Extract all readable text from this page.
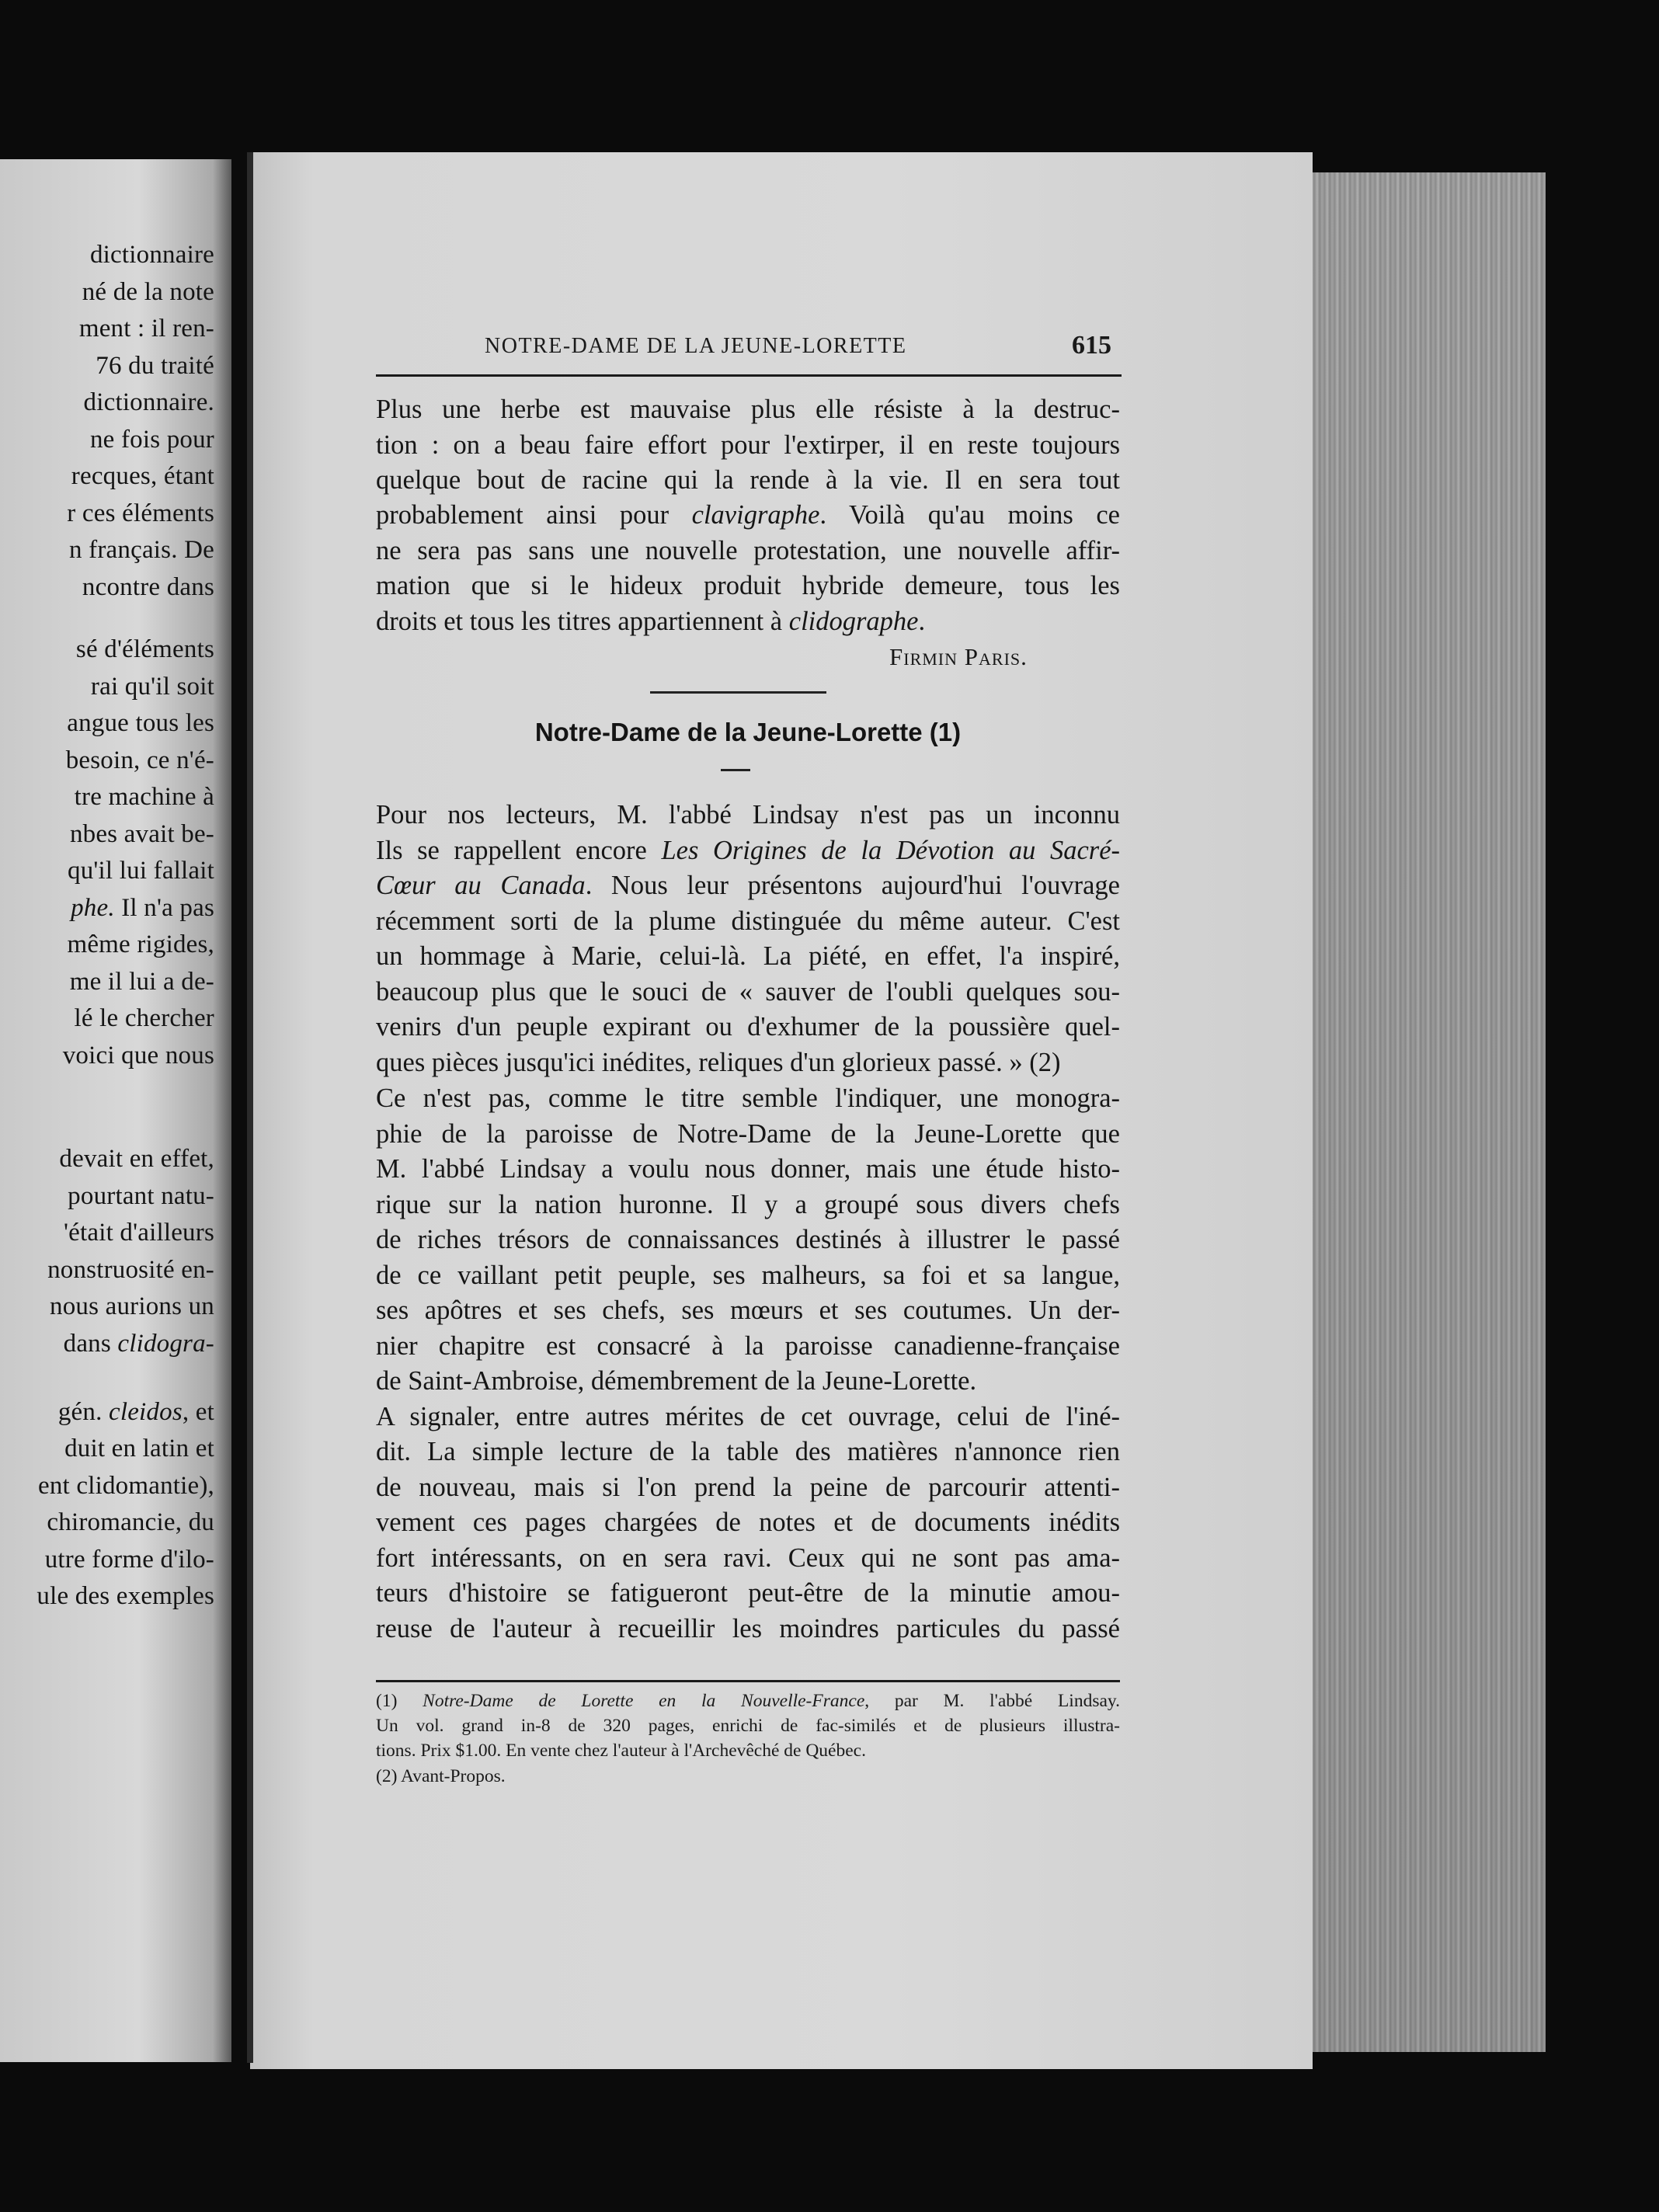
dictionnaire
né de la note
ment : il ren-
76 du traité
dictionnaire.
ne fois pour
recques, étant
r ces éléments
n français. De
ncontre dans
sé d'éléments
rai qu'il soit
angue tous les
besoin, ce n'é-
tre machine à
nbes avait be-
qu'il lui fallait
phe. Il n'a pas
même rigides,
me il lui a de-
lé le chercher
voici que nous
devait en effet,
pourtant natu-
'était d'ailleurs
nonstruosité en-
nous aurions un
dans clidogra-
gén. cleidos, et
duit en latin et
ent clidomantie),
chiromancie, du
utre forme d'ilo-
ule des exemples
NOTRE-DAME DE LA JEUNE-LORETTE	615
Plus une herbe est mauvaise plus elle résiste à la destruc-
tion : on a beau faire effort pour l'extirper, il en reste toujours
quelque bout de racine qui la rende à la vie. Il en sera tout
probablement ainsi pour clavigraphe. Voilà qu'au moins ce
ne sera pas sans une nouvelle protestation, une nouvelle affir-
mation que si le hideux produit hybride demeure, tous les
droits et tous les titres appartiennent à clidographe.
Firmin Paris.
Notre-Dame de la Jeune-Lorette (1)
Pour nos lecteurs, M. l'abbé Lindsay n'est pas un inconnu
Ils se rappellent encore Les Origines de la Dévotion au Sacré-
Cœur au Canada. Nous leur présentons aujourd'hui l'ouvrage
récemment sorti de la plume distinguée du même auteur. C'est
un hommage à Marie, celui-là. La piété, en effet, l'a inspiré,
beaucoup plus que le souci de « sauver de l'oubli quelques sou-
venirs d'un peuple expirant ou d'exhumer de la poussière quel-
ques pièces jusqu'ici inédites, reliques d'un glorieux passé. » (2)
Ce n'est pas, comme le titre semble l'indiquer, une monogra-
phie de la paroisse de Notre-Dame de la Jeune-Lorette que
M. l'abbé Lindsay a voulu nous donner, mais une étude histo-
rique sur la nation huronne. Il y a groupé sous divers chefs
de riches trésors de connaissances destinés à illustrer le passé
de ce vaillant petit peuple, ses malheurs, sa foi et sa langue,
ses apôtres et ses chefs, ses mœurs et ses coutumes. Un der-
nier chapitre est consacré à la paroisse canadienne-française
de Saint-Ambroise, démembrement de la Jeune-Lorette.
A signaler, entre autres mérites de cet ouvrage, celui de l'iné-
dit. La simple lecture de la table des matières n'annonce rien
de nouveau, mais si l'on prend la peine de parcourir attenti-
vement ces pages chargées de notes et de documents inédits
fort intéressants, on en sera ravi. Ceux qui ne sont pas ama-
teurs d'histoire se fatigueront peut-être de la minutie amou-
reuse de l'auteur à recueillir les moindres particules du passé
(1) Notre-Dame de Lorette en la Nouvelle-France, par M. l'abbé Lindsay.
Un vol. grand in-8 de 320 pages, enrichi de fac-similés et de plusieurs illustra-
tions. Prix $1.00. En vente chez l'auteur à l'Archevêché de Québec.
(2) Avant-Propos.
